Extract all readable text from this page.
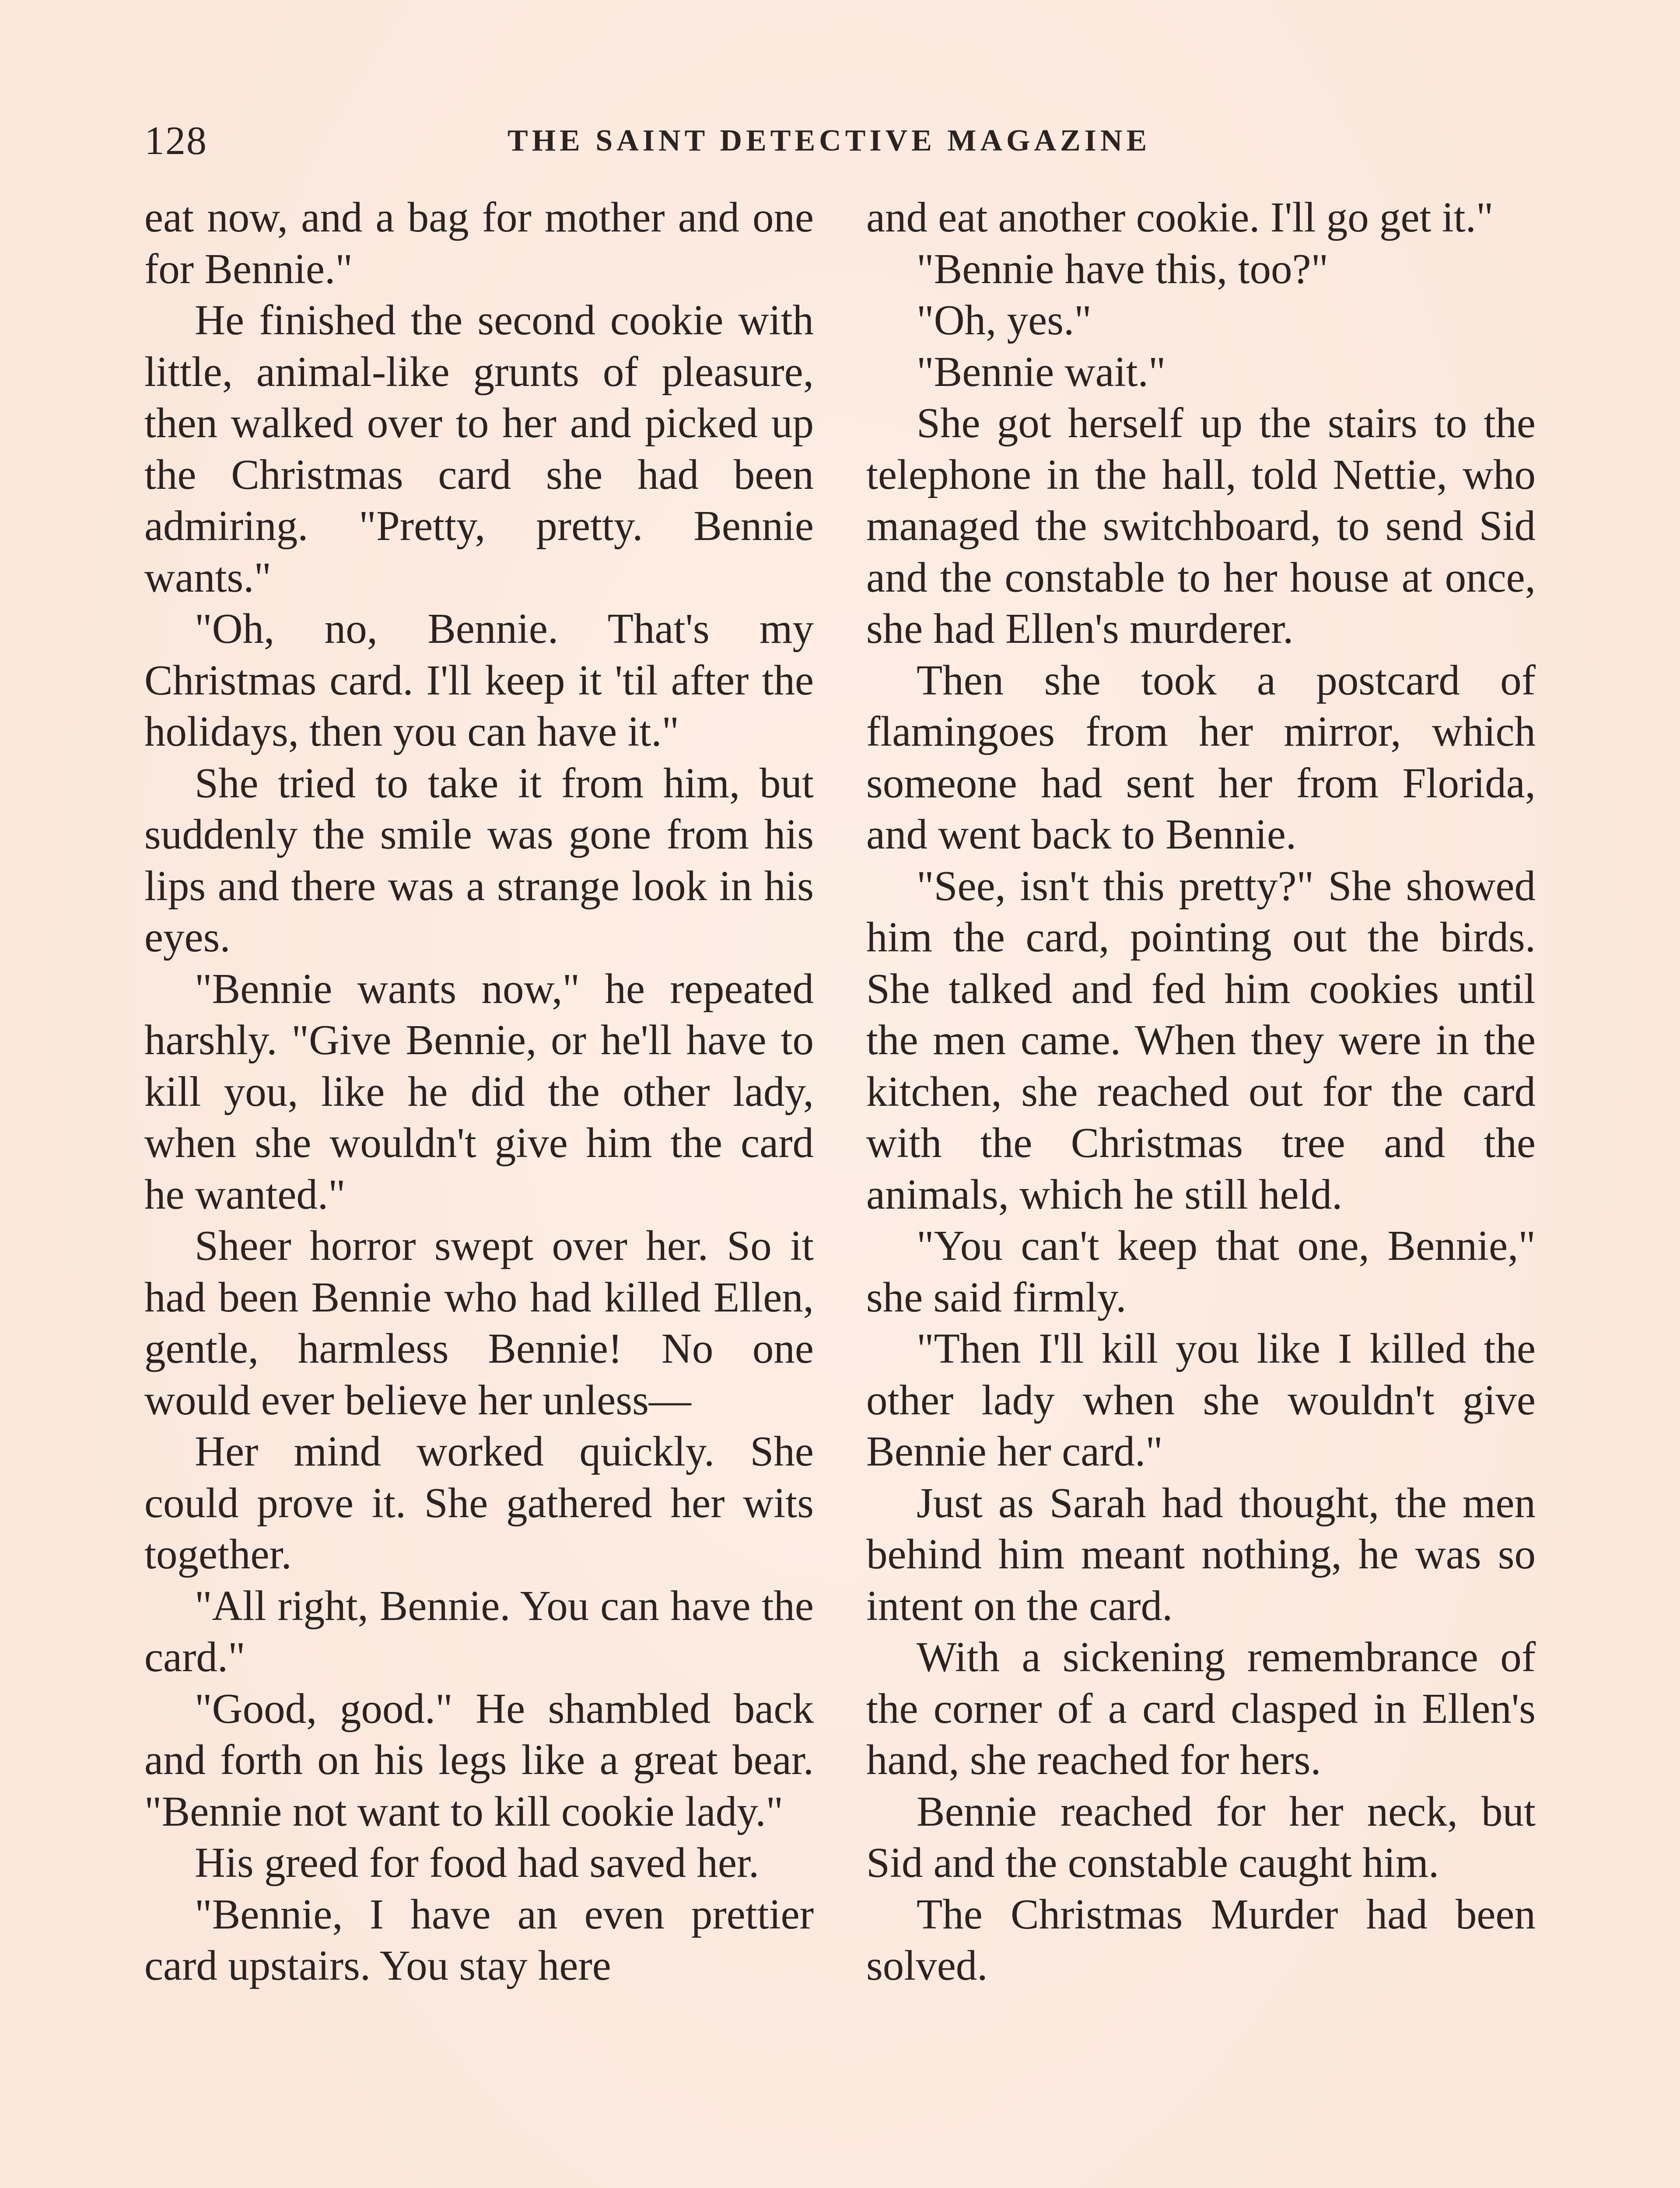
128	THE SAINT DETECTIVE MAGAZINE

eat now, and a bag for mother and one for Bennie."

He finished the second cookie with little, animal-like grunts of pleasure, then walked over to her and picked up the Christmas card she had been admiring. "Pretty, pretty. Bennie wants."

"Oh, no, Bennie. That's my Christmas card. I'll keep it 'til after the holidays, then you can have it."

She tried to take it from him, but suddenly the smile was gone from his lips and there was a strange look in his eyes.

"Bennie wants now," he repeated harshly. "Give Bennie, or he'll have to kill you, like he did the other lady, when she wouldn't give him the card he wanted."

Sheer horror swept over her. So it had been Bennie who had killed Ellen, gentle, harmless Bennie! No one would ever believe her unless—

Her mind worked quickly. She could prove it. She gathered her wits together.

"All right, Bennie. You can have the card."

"Good, good." He shambled back and forth on his legs like a great bear. "Bennie not want to kill cookie lady."

His greed for food had saved her.

"Bennie, I have an even prettier card upstairs. You stay here

and eat another cookie. I'll go get it."

"Bennie have this, too?"

"Oh, yes."

"Bennie wait."

She got herself up the stairs to the telephone in the hall, told Nettie, who managed the switchboard, to send Sid and the constable to her house at once, she had Ellen's murderer.

Then she took a postcard of flamingoes from her mirror, which someone had sent her from Florida, and went back to Bennie.

"See, isn't this pretty?" She showed him the card, pointing out the birds. She talked and fed him cookies until the men came. When they were in the kitchen, she reached out for the card with the Christmas tree and the animals, which he still held.

"You can't keep that one, Bennie," she said firmly.

"Then I'll kill you like I killed the other lady when she wouldn't give Bennie her card."

Just as Sarah had thought, the men behind him meant nothing, he was so intent on the card.

With a sickening remembrance of the corner of a card clasped in Ellen's hand, she reached for hers.

Bennie reached for her neck, but Sid and the constable caught him.

The Christmas Murder had been solved.
